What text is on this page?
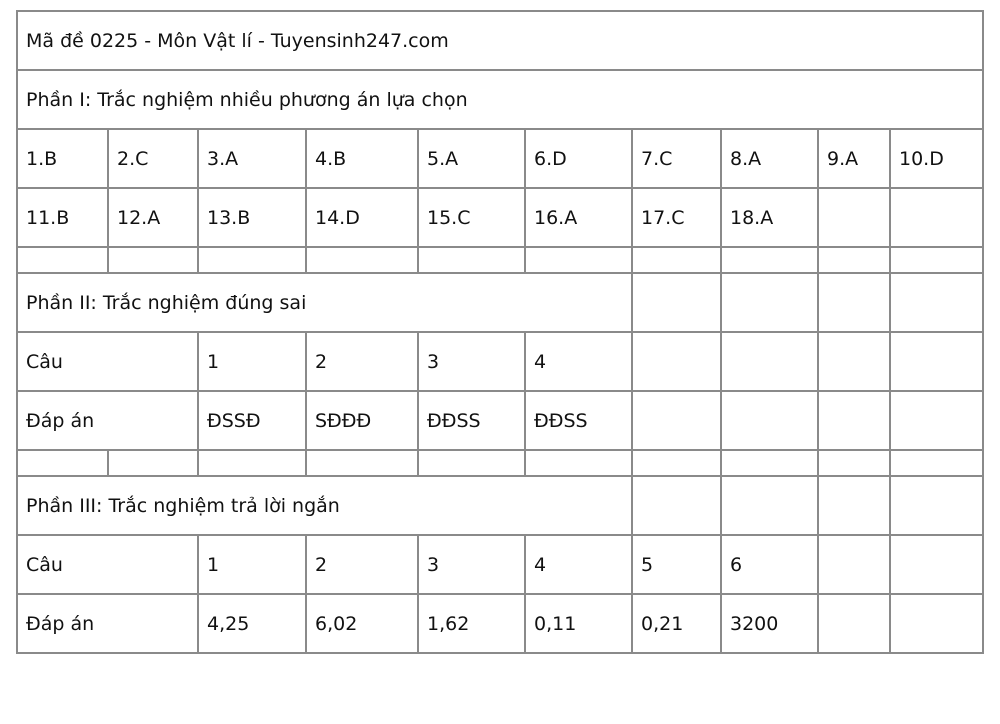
Mã đề 0225 - Môn Vật lí - Tuyensinh247.com									
Phần I: Trắc nghiệm nhiều phương án lựa chọn									
1.B	2.C	3.A	4.B	5.A	6.D	7.C	8.A	9.A	10.D
11.B	12.A	13.B	14.D	15.C	16.A	17.C	18.A		

Phần II: Trắc nghiệm đúng sai									
Câu		1	2	3	4				
Đáp án		ĐSSĐ	SĐĐĐ	ĐĐSS	ĐĐSS				

Phần III: Trắc nghiệm trả lời ngắn									
Câu		1	2	3	4	5	6		
Đáp án		4,25	6,02	1,62	0,11	0,21	3200		
